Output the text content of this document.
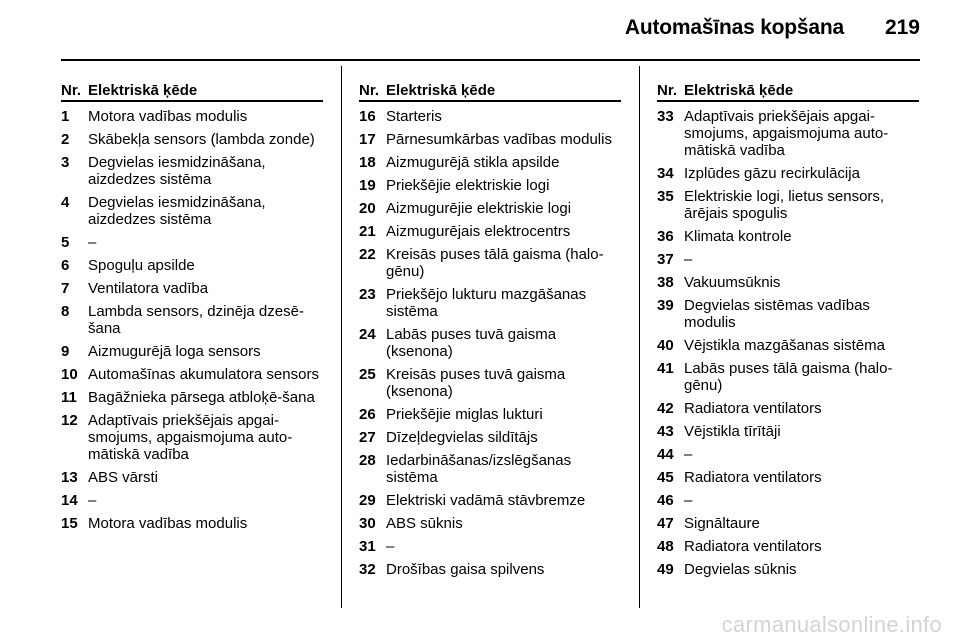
Automašīnas kopšana 219
Nr. Elektriskā ķēde
1	Motora vadības modulis
2	Skābekļa sensors (lambda zonde)
3	Degvielas iesmidzināšana, aizdedzes sistēma
4	Degvielas iesmidzināšana, aizdedzes sistēma
5	–
6	Spoguļu apsilde
7	Ventilatora vadība
8	Lambda sensors, dzinēja dzesē-šana
9	Aizmugurējā loga sensors
10 Automašīnas akumulatora sensors
11 Bagāžnieka pārsega atbloķē-šana
12 Adaptīvais priekšējais apgai-smojums, apgaismojuma auto-mātiskā vadība
13 ABS vārsti
14 –
15 Motora vadības modulis
Nr. Elektriskā ķēde
16 Starteris
17 Pārnesumkārbas vadības modulis
18 Aizmugurējā stikla apsilde
19 Priekšējie elektriskie logi
20 Aizmugurējie elektriskie logi
21 Aizmugurējais elektrocentrs
22 Kreisās puses tālā gaisma (halo-gēnu)
23 Priekšējo lukturu mazgāšanas sistēma
24 Labās puses tuvā gaisma (ksenona)
25 Kreisās puses tuvā gaisma (ksenona)
26 Priekšējie miglas lukturi
27 Dīzeļdegvielas sildītājs
28 Iedarbināšanas/izslēgšanas sistēma
29 Elektriski vadāmā stāvbremze
30 ABS sūknis
31 –
32 Drošības gaisa spilvens
Nr. Elektriskā ķēde
33 Adaptīvais priekšējais apgai-smojums, apgaismojuma auto-mātiskā vadība
34 Izplūdes gāzu recirkulācija
35 Elektriskie logi, lietus sensors, ārējais spogulis
36 Klimata kontrole
37 –
38 Vakuumsūknis
39 Degvielas sistēmas vadības modulis
40 Vējstikla mazgāšanas sistēma
41 Labās puses tālā gaisma (halo-gēnu)
42 Radiatora ventilators
43 Vējstikla tīrītāji
44 –
45 Radiatora ventilators
46 –
47 Signāltaure
48 Radiatora ventilators
49 Degvielas sūknis
carmanualsonline.info
